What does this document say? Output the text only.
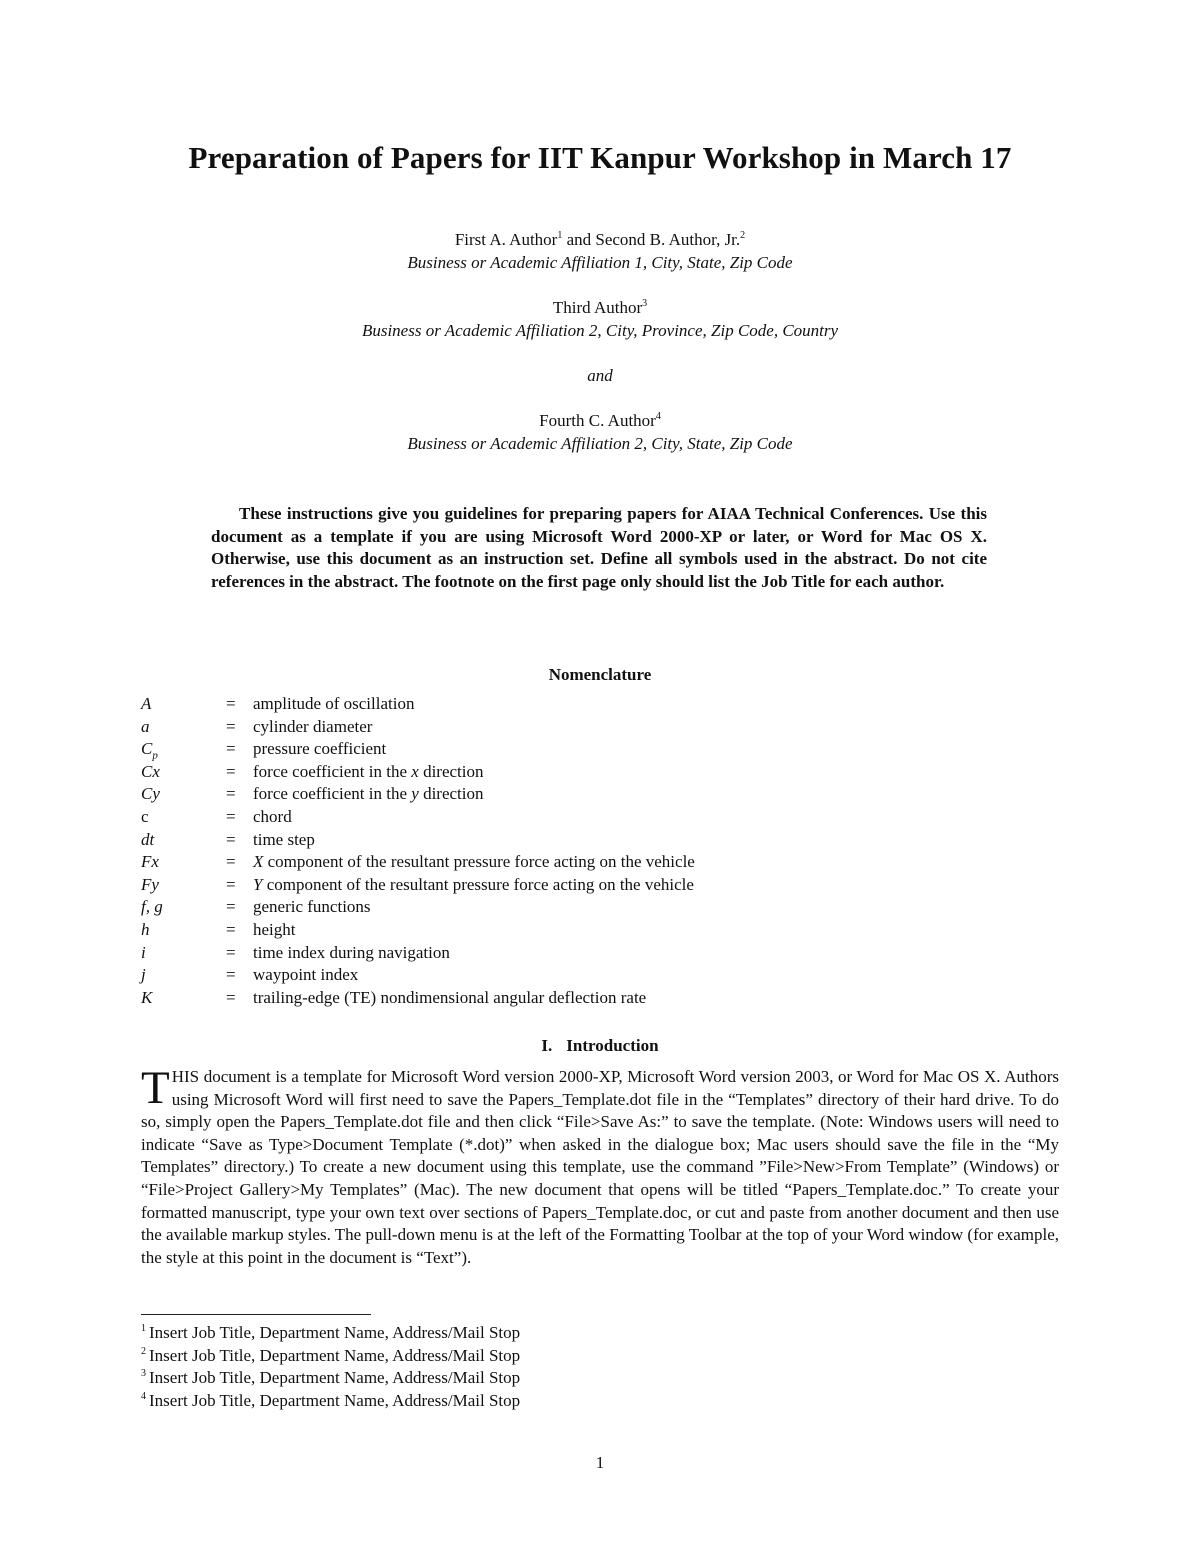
Preparation of Papers for IIT Kanpur Workshop in March 17
First A. Author$^1$ and Second B. Author, Jr.$^2$
Business or Academic Affiliation 1, City, State, Zip Code
Third Author$^3$
Business or Academic Affiliation 2, City, Province, Zip Code, Country
and
Fourth C. Author$^4$
Business or Academic Affiliation 2, City, State, Zip Code
These instructions give you guidelines for preparing papers for AIAA Technical Conferences. Use this document as a template if you are using Microsoft Word 2000-XP or later, or Word for Mac OS X. Otherwise, use this document as an instruction set. Define all symbols used in the abstract. Do not cite references in the abstract. The footnote on the first page only should list the Job Title for each author.
Nomenclature
A	= amplitude of oscillation
a	= cylinder diameter
$C_p$	= pressure coefficient
Cx	= force coefficient in the x direction
Cy	= force coefficient in the y direction
c	= chord
dt	= time step
Fx	= X component of the resultant pressure force acting on the vehicle
Fy	= Y component of the resultant pressure force acting on the vehicle
f, g	= generic functions
h	= height
i	= time index during navigation
j	= waypoint index
K	= trailing-edge (TE) nondimensional angular deflection rate
I. Introduction
THIS document is a template for Microsoft Word version 2000-XP, Microsoft Word version 2003, or Word for Mac OS X. Authors using Microsoft Word will first need to save the Papers_Template.dot file in the “Templates” directory of their hard drive. To do so, simply open the Papers_Template.dot file and then click “File>Save As:” to save the template. (Note: Windows users will need to indicate “Save as Type>Document Template (*.dot)” when asked in the dialogue box; Mac users should save the file in the “My Templates” directory.) To create a new document using this template, use the command ”File>New>From Template” (Windows) or “File>Project Gallery>My Templates” (Mac). The new document that opens will be titled “Papers_Template.doc.” To create your formatted manuscript, type your own text over sections of Papers_Template.doc, or cut and paste from another document and then use the available markup styles. The pull-down menu is at the left of the Formatting Toolbar at the top of your Word window (for example, the style at this point in the document is “Text”).
$^1$ Insert Job Title, Department Name, Address/Mail Stop
$^2$ Insert Job Title, Department Name, Address/Mail Stop
$^3$ Insert Job Title, Department Name, Address/Mail Stop
$^4$ Insert Job Title, Department Name, Address/Mail Stop
1
